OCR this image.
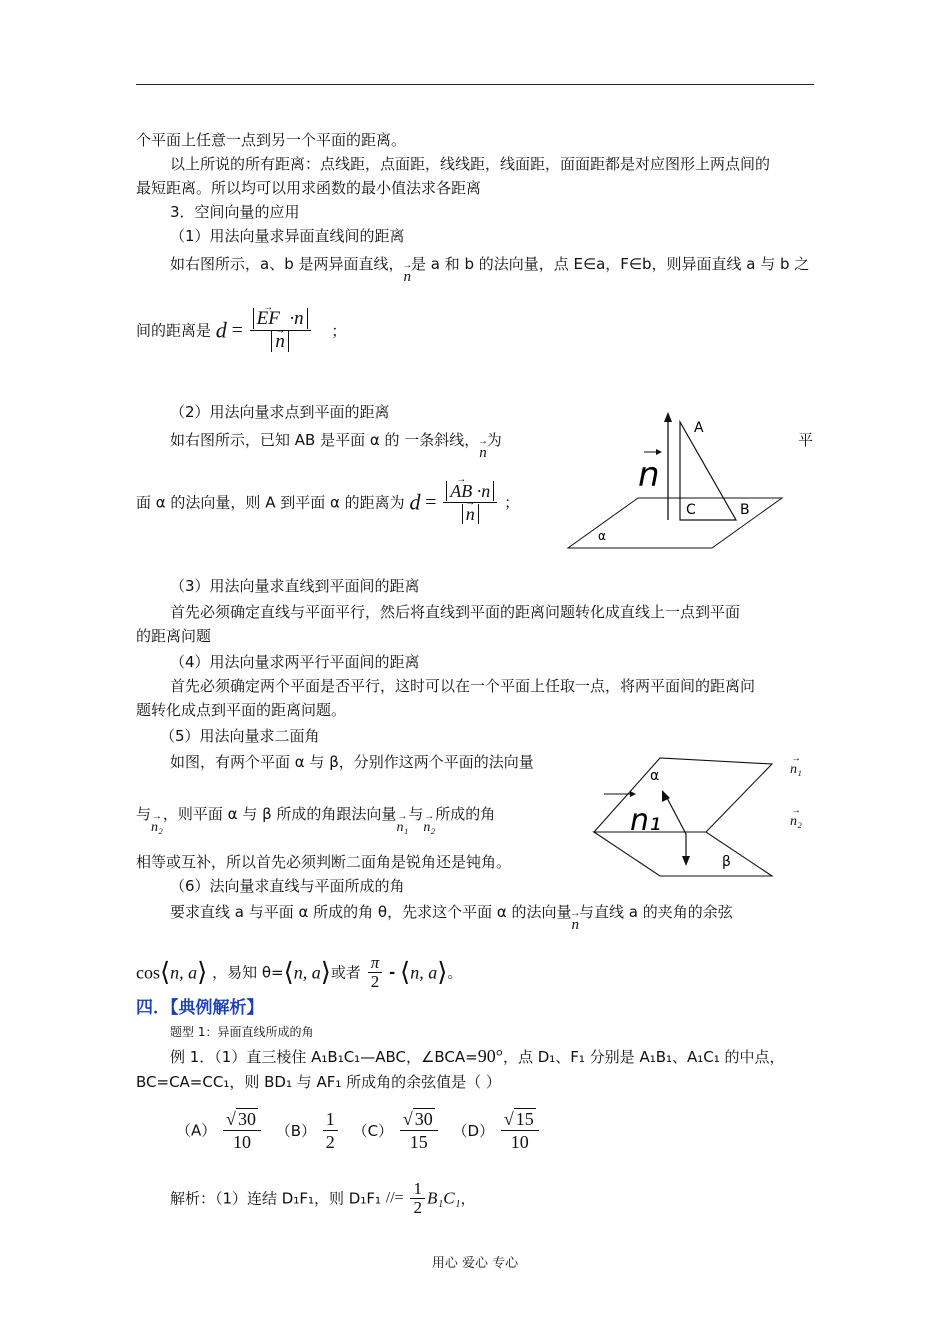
个平面上任意一点到另一个平面的距离。
以上所说的所有距离：点线距，点面距，线线距，线面距，面面距都是对应图形上两点间的
最短距离。所以均可以用求函数的最小值法求各距离
3．空间向量的应用
（1）用法向量求异面直线间的距离
如右图所示，a、b 是两异面直线，→ n是 a 和 b 的法向量，点 E∈a，F∈b，则异面直线 a 与 b 之
间的距离是 d = → EF ·n
→ n ；
（2）用法向量求点到平面的距离
如右图所示，已知 AB 是平面 α 的 一条斜线，→ n为	平
面 α 的法向量，则 A 到平面 α 的距离为 d = → AB ·n
→ n ；
n
A
B
C
α
（3）用法向量求直线到平面间的距离
首先必须确定直线与平面平行，然后将直线到平面的距离问题转化成直线上一点到平面
的距离问题
（4）用法向量求两平行平面间的距离
首先必须确定两个平面是否平行，这时可以在一个平面上任取一点，将两平面间的距离问
题转化成点到平面的距离问题。
（5）用法向量求二面角
如图，有两个平面 α 与 β，分别作这两个平面的法向量	→ n₁
→ n₂
与→ n₂，则平面 α 与 β 所成的角跟法向量→ n₁与→ n₂所成的角
α
β
n₁
相等或互补，所以首先必须判断二面角是锐角还是钝角。
（6）法向量求直线与平面所成的角
要求直线 a 与平面 α 所成的角 θ，先求这个平面 α 的法向量→ n与直线 a 的夹角的余弦
cos⟨n, a⟩ ，易知 θ=⟨n, a⟩或者 $\frac{\pi}{2}$ - ⟨n, a⟩。
四．【典例解析】
题型 1：异面直线所成的角
例 1．（1）直三棱住 A₁B₁C₁—ABC，∠BCA=90°，点 D₁、F₁ 分别是 A₁B₁、A₁C₁ 的中点，
BC=CA=CC₁，则 BD₁ 与 AF₁ 所成角的余弦值是（ ）
$(A) \frac{√ 30}{10} (B) \frac{1}{2} (C) \frac{√ 30}{15} (D) \frac{√ 15}{10}$
解析：（1）连结 D₁F₁，则 D₁F₁ //= $\frac{1}{2} B_1C_1$，
用心 爱心 专心
